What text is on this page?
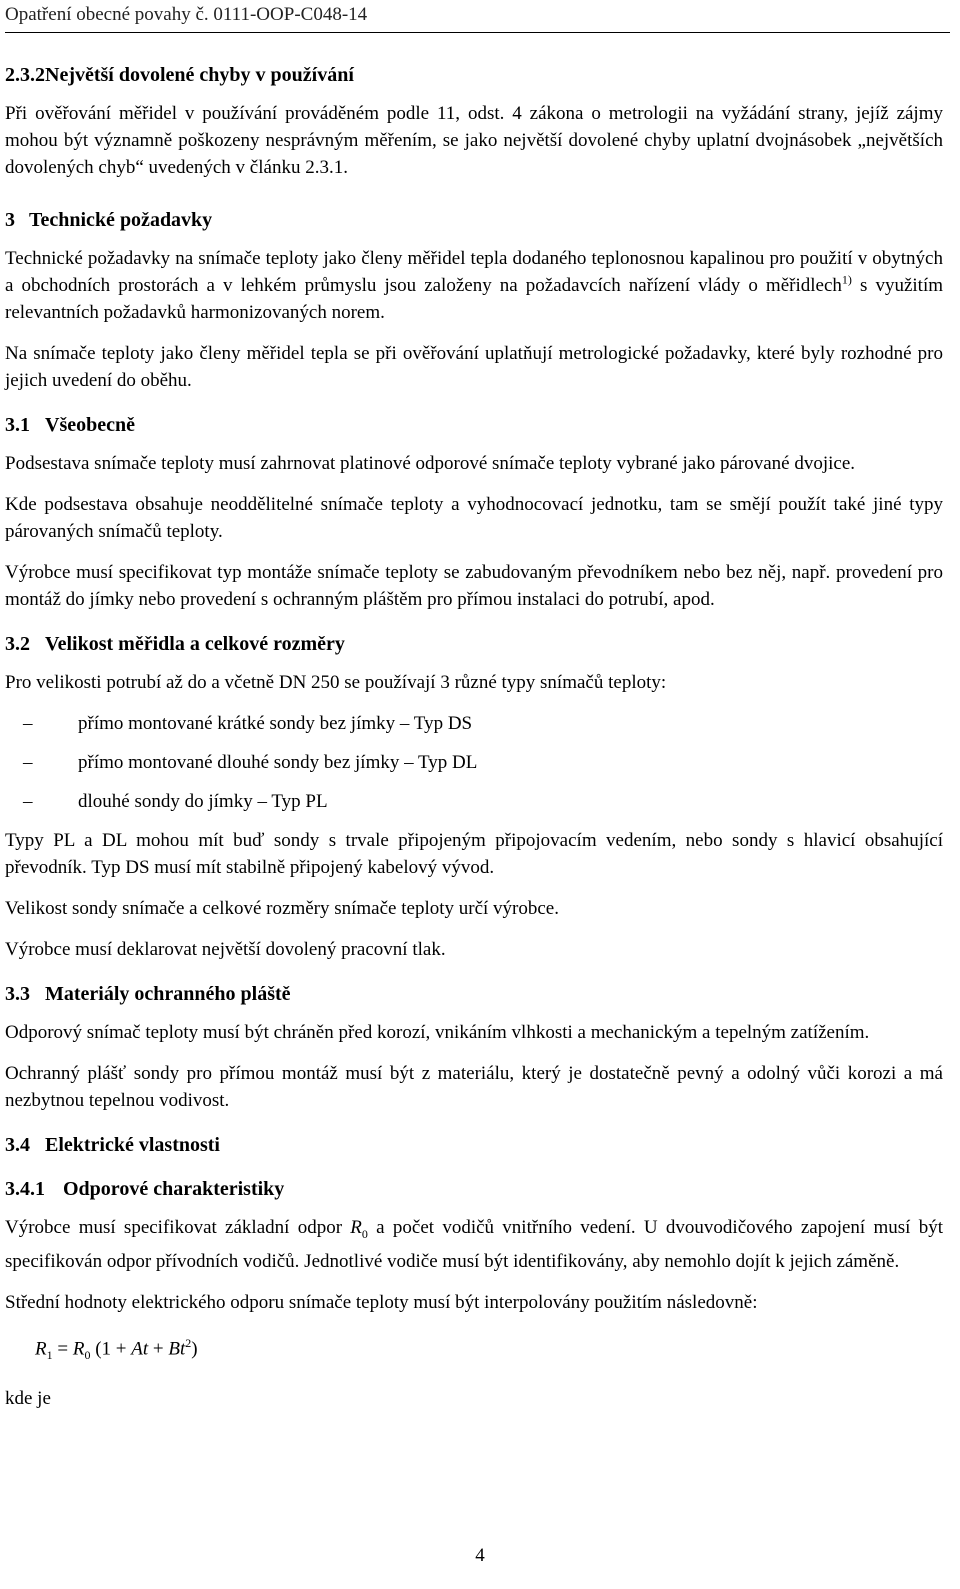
Opatření obecné povahy č. 0111-OOP-C048-14
2.3.2Největší dovolené chyby v používání

Při ověřování měřidel v používání prováděném podle 11, odst. 4 zákona o metrologii na vyžádání strany, jejíž zájmy mohou být významně poškozeny nesprávným měřením, se jako největší dovolené chyby uplatní dvojnásobek „největších dovolených chyb“ uvedených v článku 2.3.1.

3 Technické požadavky

Technické požadavky na snímače teploty jako členy měřidel tepla dodaného teplonosnou kapalinou pro použití v obytných a obchodních prostorách a v lehkém průmyslu jsou založeny na požadavcích nařízení vlády o měřidlech$^{1)}$ s využitím relevantních požadavků harmonizovaných norem.

Na snímače teploty jako členy měřidel tepla se při ověřování uplatňují metrologické požadavky, které byly rozhodné pro jejich uvedení do oběhu.

3.1 Všeobecně

Podsestava snímače teploty musí zahrnovat platinové odporové snímače teploty vybrané jako párované dvojice.

Kde podsestava obsahuje neoddělitelné snímače teploty a vyhodnocovací jednotku, tam se smějí použít také jiné typy párovaných snímačů teploty.

Výrobce musí specifikovat typ montáže snímače teploty se zabudovaným převodníkem nebo bez něj, např. provedení pro montáž do jímky nebo provedení s ochranným pláštěm pro přímou instalaci do potrubí, apod.

3.2 Velikost měřidla a celkové rozměry

Pro velikosti potrubí až do a včetně DN 250 se používají 3 různé typy snímačů teploty:

–	přímo montované krátké sondy bez jímky – Typ DS
–	přímo montované dlouhé sondy bez jímky – Typ DL
–	dlouhé sondy do jímky – Typ PL

Typy PL a DL mohou mít buď sondy s trvale připojeným připojovacím vedením, nebo sondy s hlavicí obsahující převodník. Typ DS musí mít stabilně připojený kabelový vývod.

Velikost sondy snímače a celkové rozměry snímače teploty určí výrobce.

Výrobce musí deklarovat největší dovolený pracovní tlak.

3.3 Materiály ochranného pláště

Odporový snímač teploty musí být chráněn před korozí, vnikáním vlhkosti a mechanickým a tepelným zatížením.

Ochranný plášť sondy pro přímou montáž musí být z materiálu, který je dostatečně pevný a odolný vůči korozi a má nezbytnou tepelnou vodivost.

3.4 Elektrické vlastnosti
3.4.1 Odporové charakteristiky

Výrobce musí specifikovat základní odpor $R_0$ a počet vodičů vnitřního vedení. U dvouvodičového zapojení musí být specifikován odpor přívodních vodičů. Jednotlivé vodiče musí být identifikovány, aby nemohlo dojít k jejich záměně.

Střední hodnoty elektrického odporu snímače teploty musí být interpolovány použitím následovně:

$R_1 = R_0$ $(1 + At + Bt^2)$

kde je

4
